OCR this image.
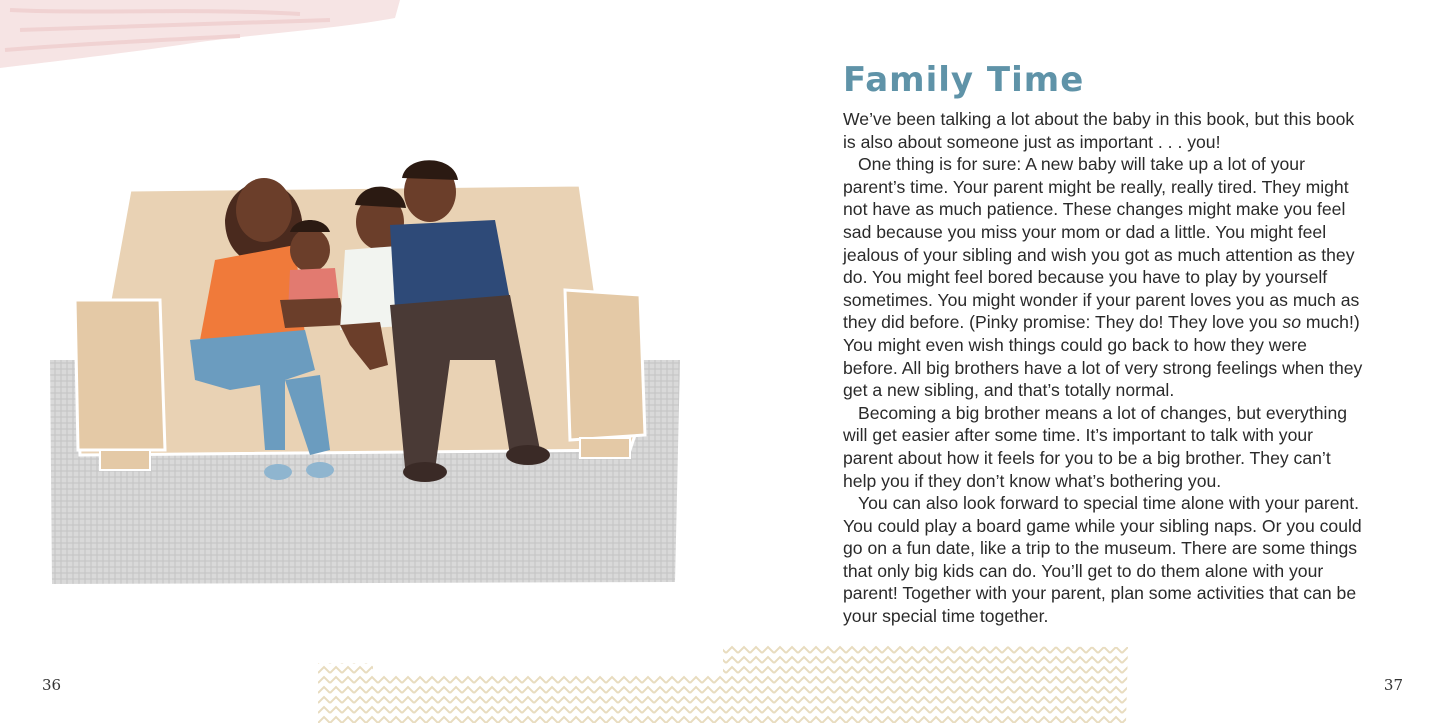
Family Time

We’ve been talking a lot about the baby in this book, but this book is also about someone just as important . . . you!

One thing is for sure: A new baby will take up a lot of your parent’s time. Your parent might be really, really tired. They might not have as much patience. These changes might make you feel sad because you miss your mom or dad a little. You might feel jealous of your sibling and wish you got as much attention as they do. You might feel bored because you have to play by yourself sometimes. You might wonder if your parent loves you as much as they did before. (Pinky promise: They do! They love you so much!) You might even wish things could go back to how they were before. All big brothers have a lot of very strong feelings when they get a new sibling, and that’s totally normal.

Becoming a big brother means a lot of changes, but everything will get easier after some time. It’s important to talk with your parent about how it feels for you to be a big brother. They can’t help you if they don’t know what’s bothering you.

You can also look forward to special time alone with your parent. You could play a board game while your sibling naps. Or you could go on a fun date, like a trip to the museum. There are some things that only big kids can do. You’ll get to do them alone with your parent! Together with your parent, plan some activities that can be your special time together.

36	37
